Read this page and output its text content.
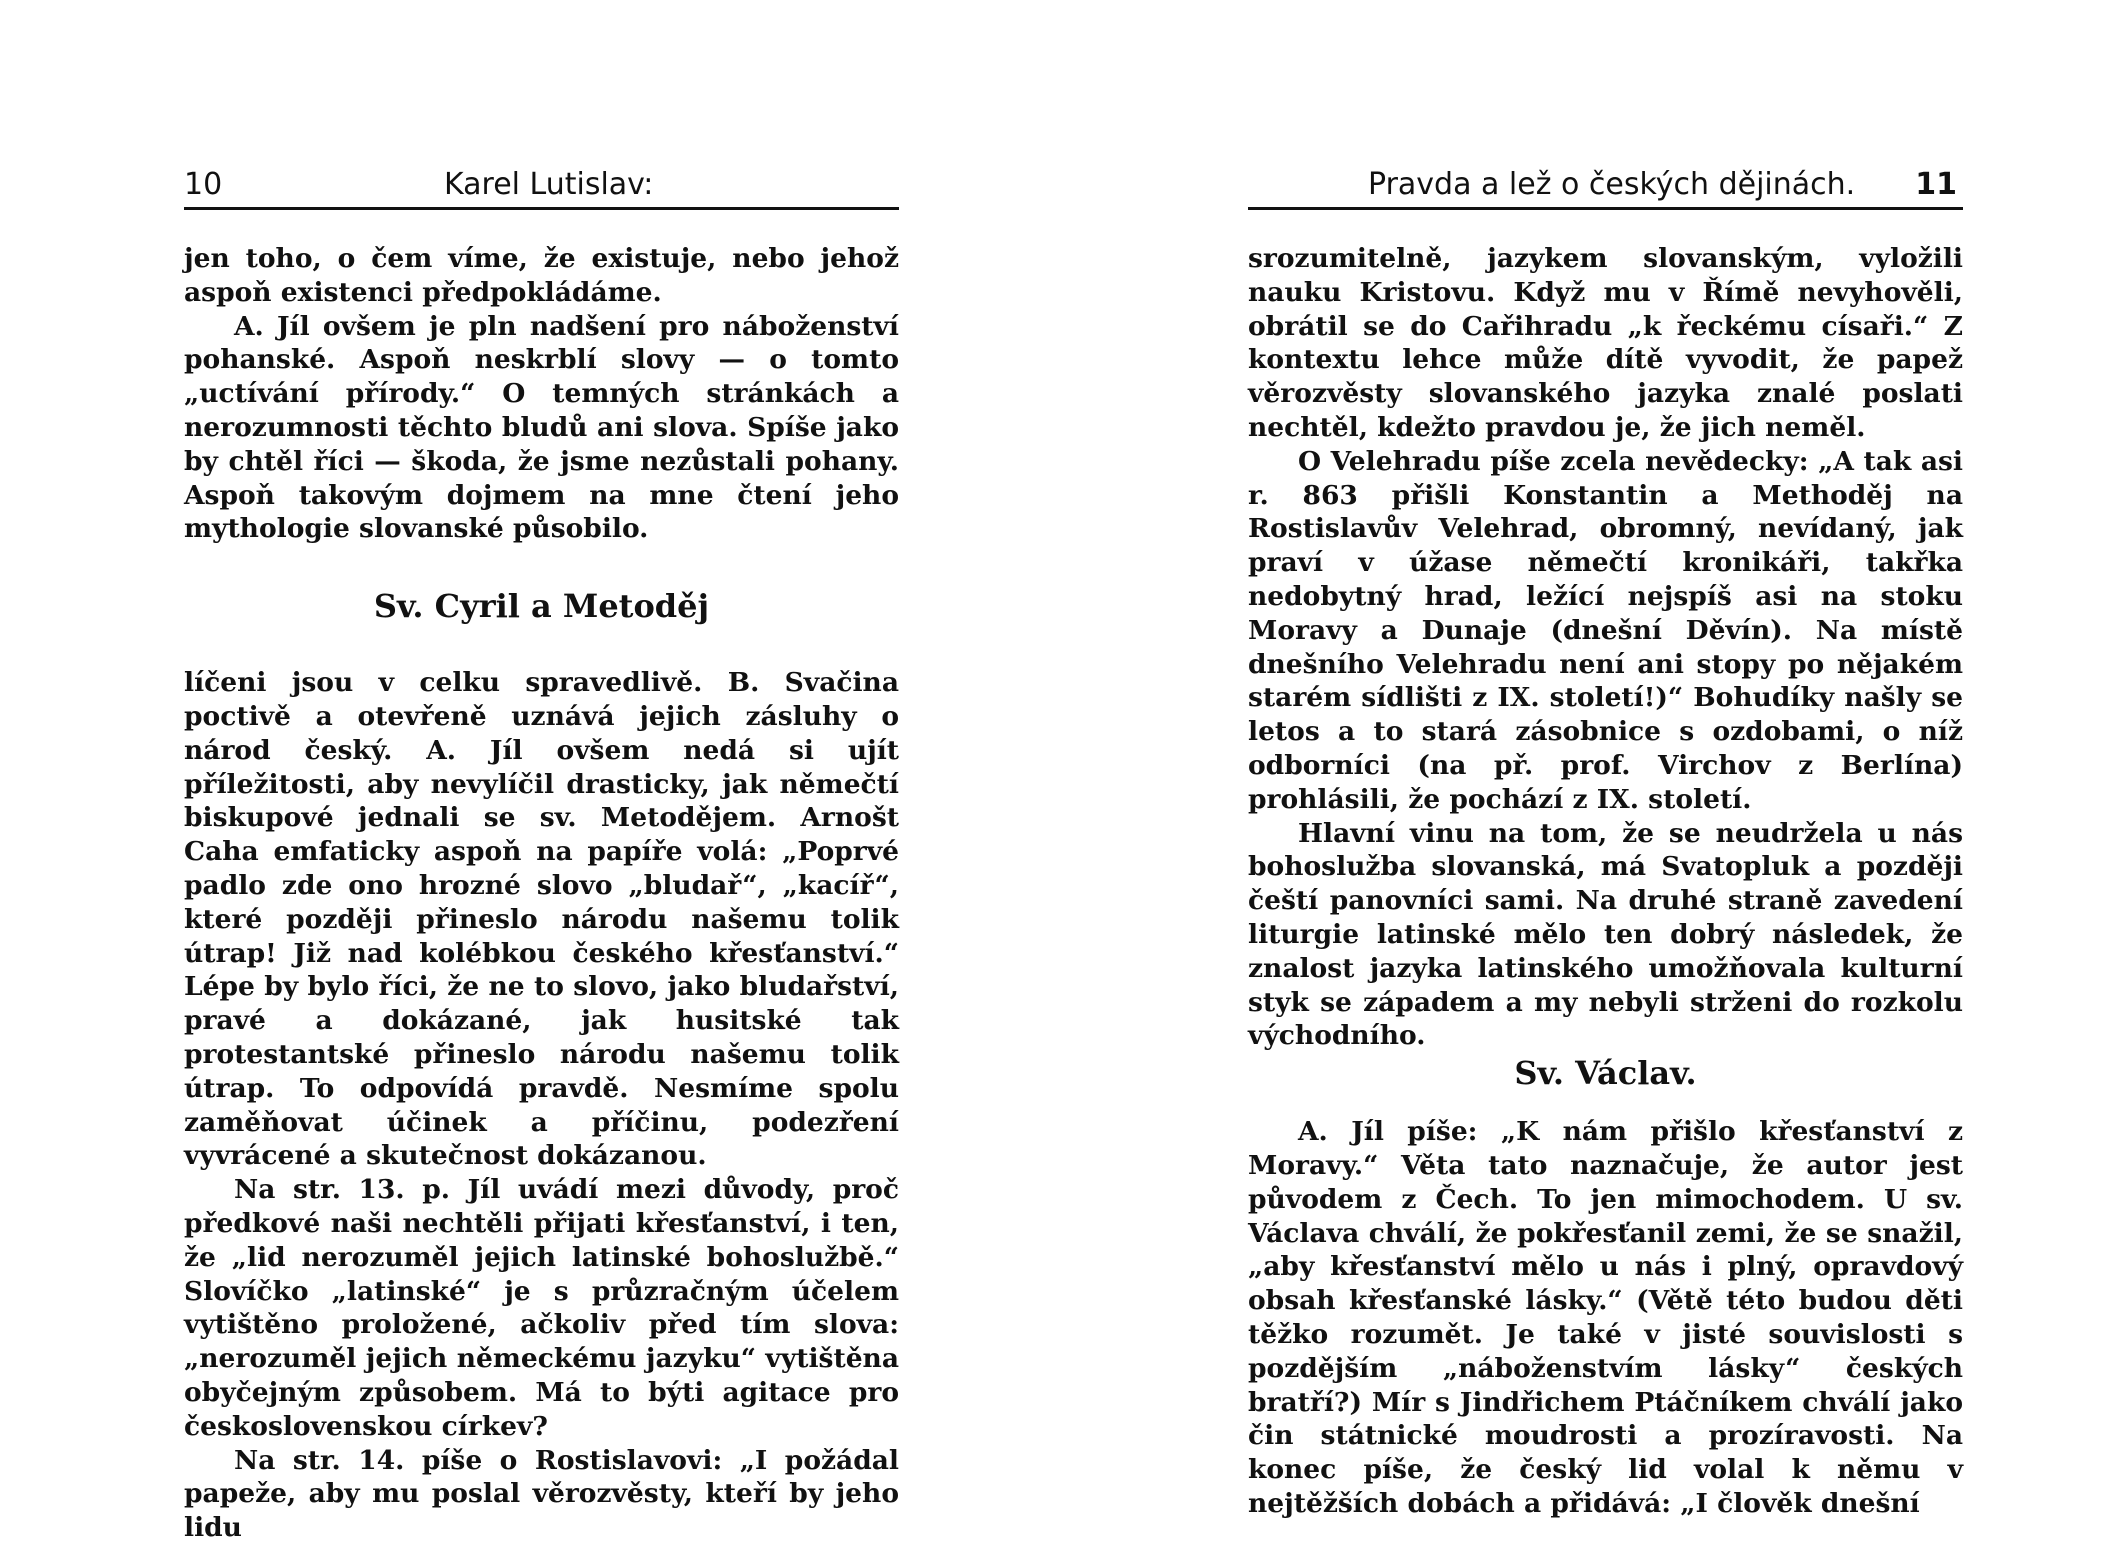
10	Karel Lutislav:

jen toho, o čem víme, že existuje, nebo jehož aspoň existenci předpokládáme.

A. Jíl ovšem je pln nadšení pro náboženství pohanské. Aspoň neskrblí slovy — o tomto „uctívání přírody.“ O temných stránkách a nerozumnosti těchto bludů ani slova. Spíše jako by chtěl říci — škoda, že jsme nezůstali pohany. Aspoň takovým dojmem na mne čtení jeho mythologie slovanské působilo.

Sv. Cyril a Metoděj

líčeni jsou v celku spravedlivě. B. Svačina poctivě a otevřeně uznává jejich zásluhy o národ český. A. Jíl ovšem nedá si ujít příležitosti, aby nevylíčil drasticky, jak němečtí biskupové jednali se sv. Metodějem. Arnošt Caha emfaticky aspoň na papíře volá: „Poprvé padlo zde ono hrozné slovo „bludař“, „kacíř“, které později přineslo národu našemu tolik útrap! Již nad kolébkou českého křesťanství.“ Lépe by bylo říci, že ne to slovo, jako bludařství, pravé a dokázané, jak husitské tak protestantské přineslo národu našemu tolik útrap. To odpovídá pravdě. Nesmíme spolu zaměňovat účinek a příčinu, podezření vyvrácené a skutečnost dokázanou.

Na str. 13. p. Jíl uvádí mezi důvody, proč předkové naši nechtěli přijati křesťanství, i ten, že „lid nerozuměl jejich latinské bohoslužbě.“ Slovíčko „latinské“ je s průzračným účelem vytištěno proložené, ačkoliv před tím slova: „nerozuměl jejich německému jazyku“ vytištěna obyčejným způsobem. Má to býti agitace pro československou církev?

Na str. 14. píše o Rostislavovi: „I požádal papeže, aby mu poslal věrozvěsty, kteří by jeho lidu

Pravda a lež o českých dějinách. 11

srozumitelně, jazykem slovanským, vyložili nauku Kristovu. Když mu v Římě nevyhověli, obrátil se do Cařihradu „k řeckému císaři.“ Z kontextu lehce může dítě vyvodit, že papež věrozvěsty slovanského jazyka znalé poslati nechtěl, kdežto pravdou je, že jich neměl.

O Velehradu píše zcela nevědecky: „A tak asi r. 863 přišli Konstantin a Methoděj na Rostislavův Velehrad, obromný, nevídaný, jak praví v úžase němečtí kronikáři, takřka nedobytný hrad, ležící nejspíš asi na stoku Moravy a Dunaje (dnešní Děvín). Na místě dnešního Velehradu není ani stopy po nějakém starém sídlišti z IX. století!)“ Bohudíky našly se letos a to stará zásobnice s ozdobami, o níž odborníci (na př. prof. Virchov z Berlína) prohlásili, že pochází z IX. století.

Hlavní vinu na tom, že se neudržela u nás bohoslužba slovanská, má Svatopluk a později čeští panovníci sami. Na druhé straně zavedení liturgie latinské mělo ten dobrý následek, že znalost jazyka latinského umožňovala kulturní styk se západem a my nebyli strženi do rozkolu východního.

Sv. Václav.

A. Jíl píše: „K nám přišlo křesťanství z Moravy.“ Věta tato naznačuje, že autor jest původem z Čech. To jen mimochodem. U sv. Václava chválí, že pokřesťanil zemi, že se snažil, „aby křesťanství mělo u nás i plný, opravdový obsah křesťanské lásky.“ (Větě této budou děti těžko rozumět. Je také v jisté souvislosti s pozdějším „náboženstvím lásky“ českých bratří?) Mír s Jindřichem Ptáčníkem chválí jako čin státnické moudrosti a prozíravosti. Na konec píše, že český lid volal k němu v nejtěžších dobách a přidává: „I člověk dnešní
